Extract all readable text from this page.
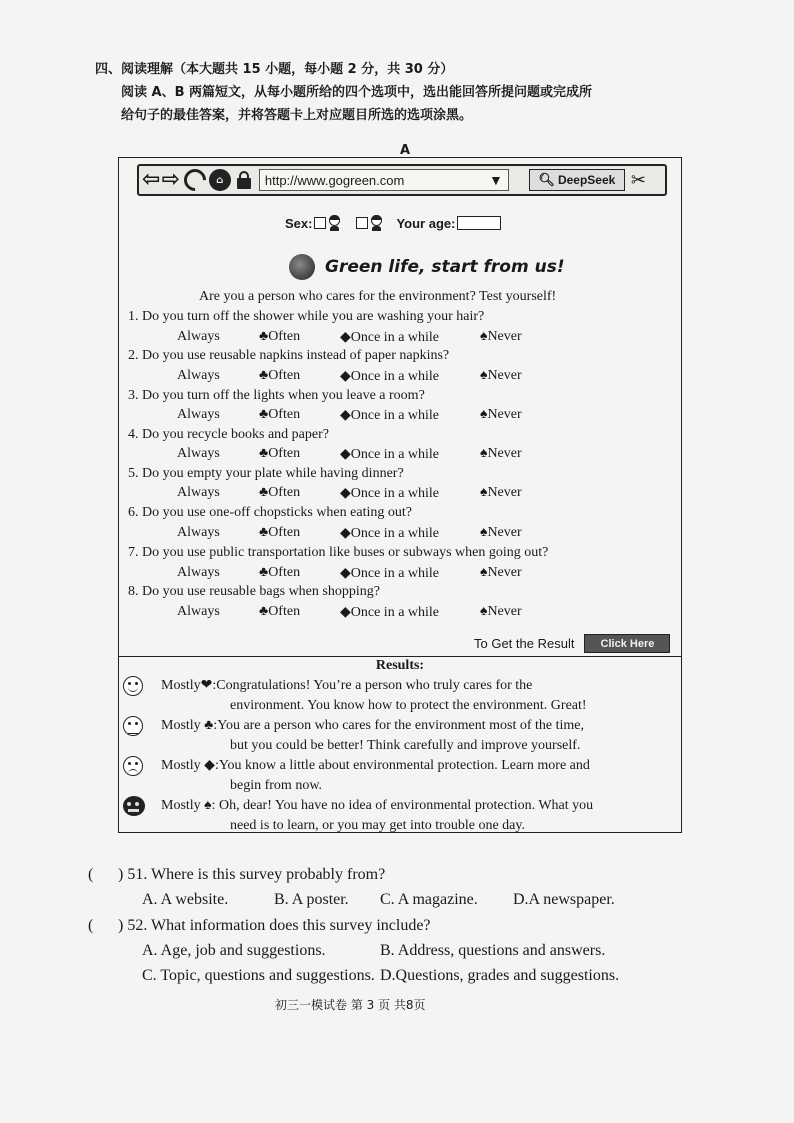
四、阅读理解（本大题共 15 小题，每小题 2 分，共 30 分）

阅读 A、B 两篇短文，从每小题所给的四个选项中，选出能回答所提问题或完成所

给句子的最佳答案，并将答题卡上对应题目所选的选项涂黑。

A
⇦ ⇨	⌂	http://www.gogreen.com	▼	🔍︎ DeepSeek ✂
Sex:	Your age:
Green life, start from us!
Are you a person who cares for the environment? Test yourself!
1. Do you turn off the shower while you are washing your hair?
Always	♣Often	◆Once in a while	♠Never
2. Do you use reusable napkins instead of paper napkins?
Always	♣Often	◆Once in a while	♠Never
3. Do you turn off the lights when you leave a room?
Always	♣Often	◆Once in a while	♠Never
4. Do you recycle books and paper?
Always	♣Often	◆Once in a while	♠Never
5. Do you empty your plate while having dinner?
Always	♣Often	◆Once in a while	♠Never
6. Do you use one-off chopsticks when eating out?
Always	♣Often	◆Once in a while	♠Never
7. Do you use public transportation like buses or subways when going out?
Always	♣Often	◆Once in a while	♠Never
8. Do you use reusable bags when shopping?
Always	♣Often	◆Once in a while	♠Never
To Get the Result	Click Here
Results:
Mostly❤:Congratulations! You’re a person who truly cares for the
environment. You know how to protect the environment. Great!
Mostly ♣:You are a person who cares for the environment most of the time,
but you could be better! Think carefully and improve yourself.
Mostly ◆:You know a little about environmental protection. Learn more and
begin from now.
Mostly ♠: Oh, dear! You have no idea of environmental protection. What you
need is to learn, or you may get into trouble one day.
( ) 51. Where is this survey probably from?
A. A website.	B. A poster. C. A magazine. D.A newspaper.
( ) 52. What information does this survey include?
A. Age, job and suggestions.	B. Address, questions and answers.
C. Topic, questions and suggestions. D.Questions, grades and suggestions.
初三一模试卷 第 3 页 共8页
